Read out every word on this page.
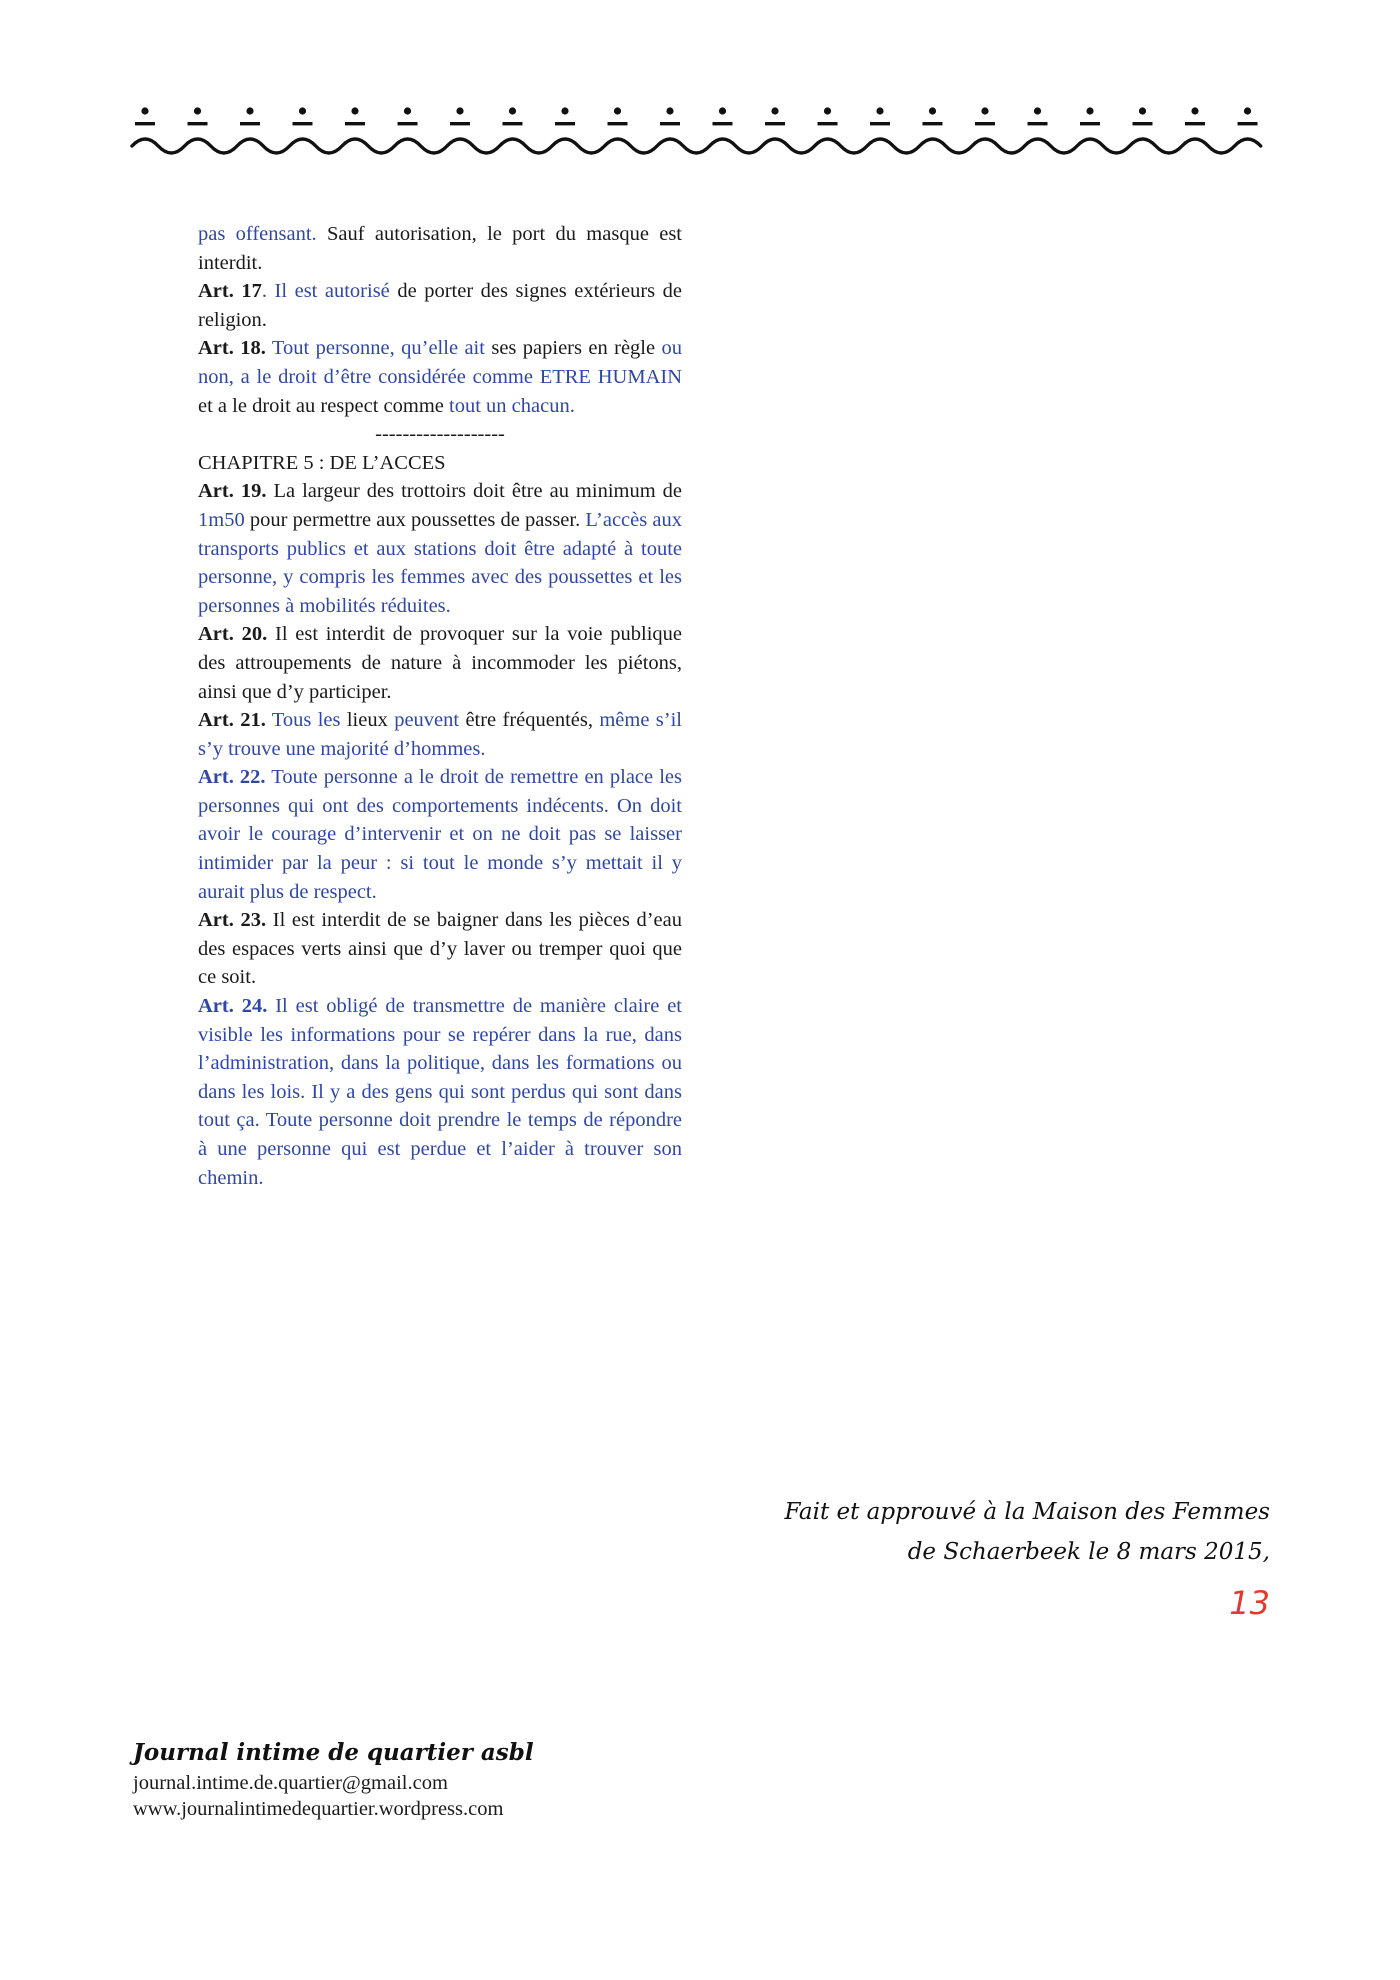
pas offensant. Sauf autorisation, le port du masque est interdit.

Art. 17. Il est autorisé de porter des signes extérieurs de religion.

Art. 18. Tout personne, qu’elle ait ses papiers en règle ou non, a le droit d’être considérée comme ETRE HUMAIN et a le droit au respect comme tout un chacun.

-------------------

CHAPITRE 5 : DE L’ACCES

Art. 19. La largeur des trottoirs doit être au minimum de 1m50 pour permettre aux poussettes de passer. L’accès aux transports publics et aux stations doit être adapté à toute personne, y compris les femmes avec des poussettes et les personnes à mobilités réduites.

Art. 20. Il est interdit de provoquer sur la voie publique des attroupements de nature à incommoder les piétons, ainsi que d’y participer.

Art. 21. Tous les lieux peuvent être fréquentés, même s’il s’y trouve une majorité d’hommes.

Art. 22. Toute personne a le droit de remettre en place les personnes qui ont des comportements indécents. On doit avoir le courage d’intervenir et on ne doit pas se laisser intimider par la peur : si tout le monde s’y mettait il y aurait plus de respect.

Art. 23. Il est interdit de se baigner dans les pièces d’eau des espaces verts ainsi que d’y laver ou tremper quoi que ce soit.

Art. 24. Il est obligé de transmettre de manière claire et visible les informations pour se repérer dans la rue, dans l’administration, dans la politique, dans les formations ou dans les lois. Il y a des gens qui sont perdus qui sont dans tout ça. Toute personne doit prendre le temps de répondre à une personne qui est perdue et l’aider à trouver son chemin.

Fait et approuvé à la Maison des Femmes
de Schaerbeek le 8 mars 2015,
13
Journal intime de quartier asbl
journal.intime.de.quartier@gmail.com
www.journalintimedequartier.wordpress.com
